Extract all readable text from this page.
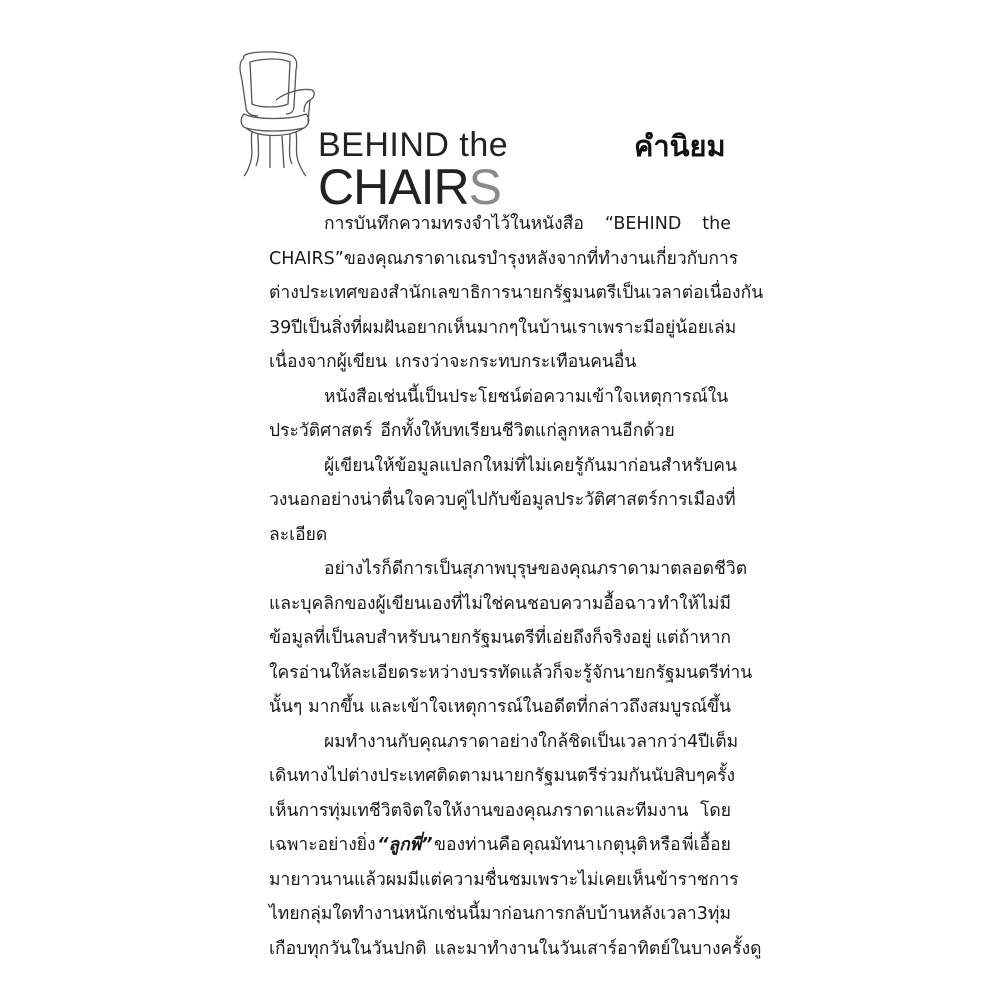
BEHIND the
CHAIRS
คำนิยม
การบันทึกความทรงจำไว้ในหนังสือ “BEHIND the
CHAIRS” ของ คุณภราดา เณรบำรุง หลังจากที่ทำงานเกี่ยวกับการ
ต่างประเทศของสำนักเลขาธิการนายกรัฐมนตรีเป็นเวลาต่อเนื่องกัน
39 ปี เป็นสิ่งที่ผมฝันอยากเห็นมากๆ ในบ้านเราเพราะมีอยู่น้อยเล่ม
เนื่องจากผู้เขียน เกรงว่าจะกระทบกระเทือนคนอื่น
หนังสือเช่นนี้เป็นประโยชน์ต่อความเข้าใจเหตุการณ์ใน
ประวัติศาสตร์ อีกทั้งให้บทเรียนชีวิตแก่ลูกหลานอีกด้วย
ผู้เขียนให้ข้อมูลแปลกใหม่ที่ไม่เคยรู้กันมาก่อนสำหรับคน
วงนอกอย่างน่าตื่นใจ ควบคู่ไปกับข้อมูลประวัติศาสตร์การเมืองที่
ละเอียด
อย่างไรก็ดีการเป็นสุภาพบุรุษของคุณภราดามาตลอดชีวิต
และบุคลิกของผู้เขียนเองที่ไม่ใช่คนชอบความอื้อฉาว ทำให้ไม่มี
ข้อมูลที่เป็นลบสำหรับนายกรัฐมนตรีที่เอ่ยถึงก็จริงอยู่ แต่ถ้าหาก
ใครอ่านให้ละเอียดระหว่างบรรทัดแล้วก็จะรู้จักนายกรัฐมนตรีท่าน
นั้นๆ มากขึ้น และเข้าใจเหตุการณ์ในอดีตที่กล่าวถึงสมบูรณ์ขึ้น
ผมทำงานกับคุณภราดาอย่างใกล้ชิดเป็นเวลากว่า 4 ปีเต็ม
เดินทางไปต่างประเทศ ติดตามนายกรัฐมนตรีร่วมกันนับสิบๆ ครั้ง
เห็นการทุ่มเทชีวิตจิตใจให้งานของคุณภราดาและทีมงาน โดย
เฉพาะอย่างยิ่ง “ลูกพี่” ของท่านคือ คุณมัทนา เกตุนุติ หรือ พี่เอื้อย
มายาวนานแล้ว ผมมีแต่ความชื่นชมเพราะไม่เคยเห็นข้าราชการ
ไทยกลุ่มใดทำงานหนักเช่นนี้มาก่อน การกลับบ้านหลังเวลา 3 ทุ่ม
เกือบทุกวันในวันปกติ และมาทำงานในวันเสาร์อาทิตย์ในบางครั้งดู
